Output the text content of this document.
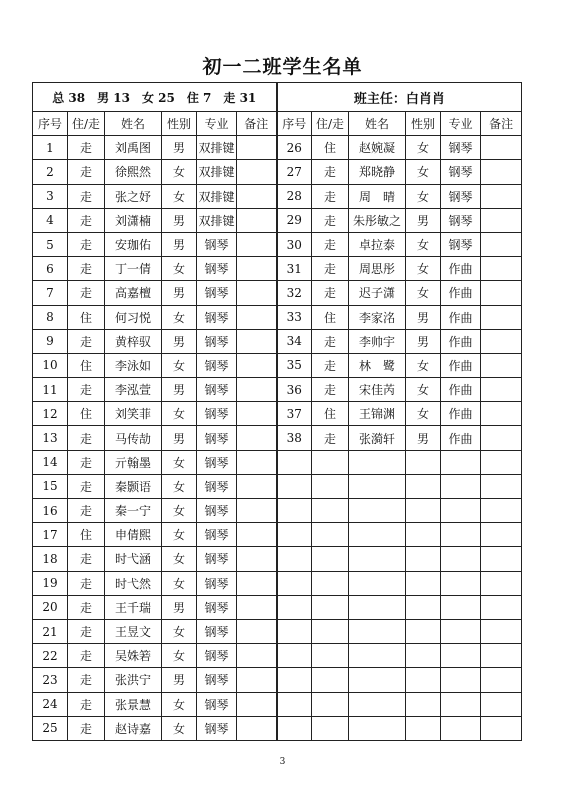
初一二班学生名单
总 38　男 13　女 25　住 7　走 31						班主任：白肖肖					
序号	住/走	姓名	性别	专业	备注	序号	住/走	姓名	性别	专业	备注
1	走	刘禹图	男	双排键		26	住	赵婉凝	女	钢琴	
2	走	徐熙然	女	双排键		27	走	郑晓静	女	钢琴	
3	走	张之妤	女	双排键		28	走	周　晴	女	钢琴	
4	走	刘潇楠	男	双排键		29	走	朱彤敏之	男	钢琴	
5	走	安珈佑	男	钢琴		30	走	卓拉泰	女	钢琴	
6	走	丁一倩	女	钢琴		31	走	周思彤	女	作曲	
7	走	高嘉檀	男	钢琴		32	走	迟子潇	女	作曲	
8	住	何习悦	女	钢琴		33	住	李家洺	男	作曲	
9	走	黄梓驭	男	钢琴		34	走	李帅宇	男	作曲	
10	住	李泳如	女	钢琴		35	走	林　鹭	女	作曲	
11	走	李泓萱	男	钢琴		36	走	宋佳芮	女	作曲	
12	住	刘笑菲	女	钢琴		37	住	王锦渊	女	作曲	
13	走	马传劼	男	钢琴		38	走	张漪轩	男	作曲	
14	走	亓翰墨	女	钢琴							
15	走	秦颢语	女	钢琴							
16	走	秦一宁	女	钢琴							
17	住	申倩熙	女	钢琴							
18	走	时弋涵	女	钢琴							
19	走	时弋然	女	钢琴							
20	走	王千瑞	男	钢琴							
21	走	王昱文	女	钢琴							
22	走	吴姝箬	女	钢琴							
23	走	张洪宁	男	钢琴							
24	走	张景慧	女	钢琴							
25	走	赵诗嘉	女	钢琴							
3
